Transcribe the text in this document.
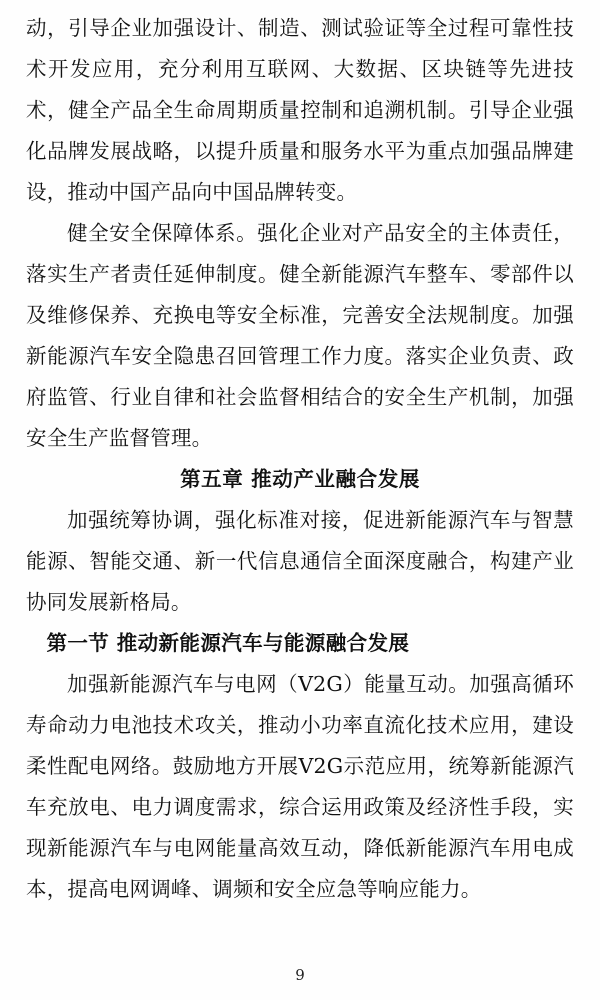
动，引导企业加强设计、制造、测试验证等全过程可靠性技术开发应用，充分利用互联网、大数据、区块链等先进技术，健全产品全生命周期质量控制和追溯机制。引导企业强化品牌发展战略，以提升质量和服务水平为重点加强品牌建设，推动中国产品向中国品牌转变。

健全安全保障体系。强化企业对产品安全的主体责任，落实生产者责任延伸制度。健全新能源汽车整车、零部件以及维修保养、充换电等安全标准，完善安全法规制度。加强新能源汽车安全隐患召回管理工作力度。落实企业负责、政府监管、行业自律和社会监督相结合的安全生产机制，加强安全生产监督管理。

第五章 推动产业融合发展

加强统筹协调，强化标准对接，促进新能源汽车与智慧能源、智能交通、新一代信息通信全面深度融合，构建产业协同发展新格局。

第一节 推动新能源汽车与能源融合发展

加强新能源汽车与电网（V2G）能量互动。加强高循环寿命动力电池技术攻关，推动小功率直流化技术应用，建设柔性配电网络。鼓励地方开展V2G示范应用，统筹新能源汽车充放电、电力调度需求，综合运用政策及经济性手段，实现新能源汽车与电网能量高效互动，降低新能源汽车用电成本，提高电网调峰、调频和安全应急等响应能力。

9
